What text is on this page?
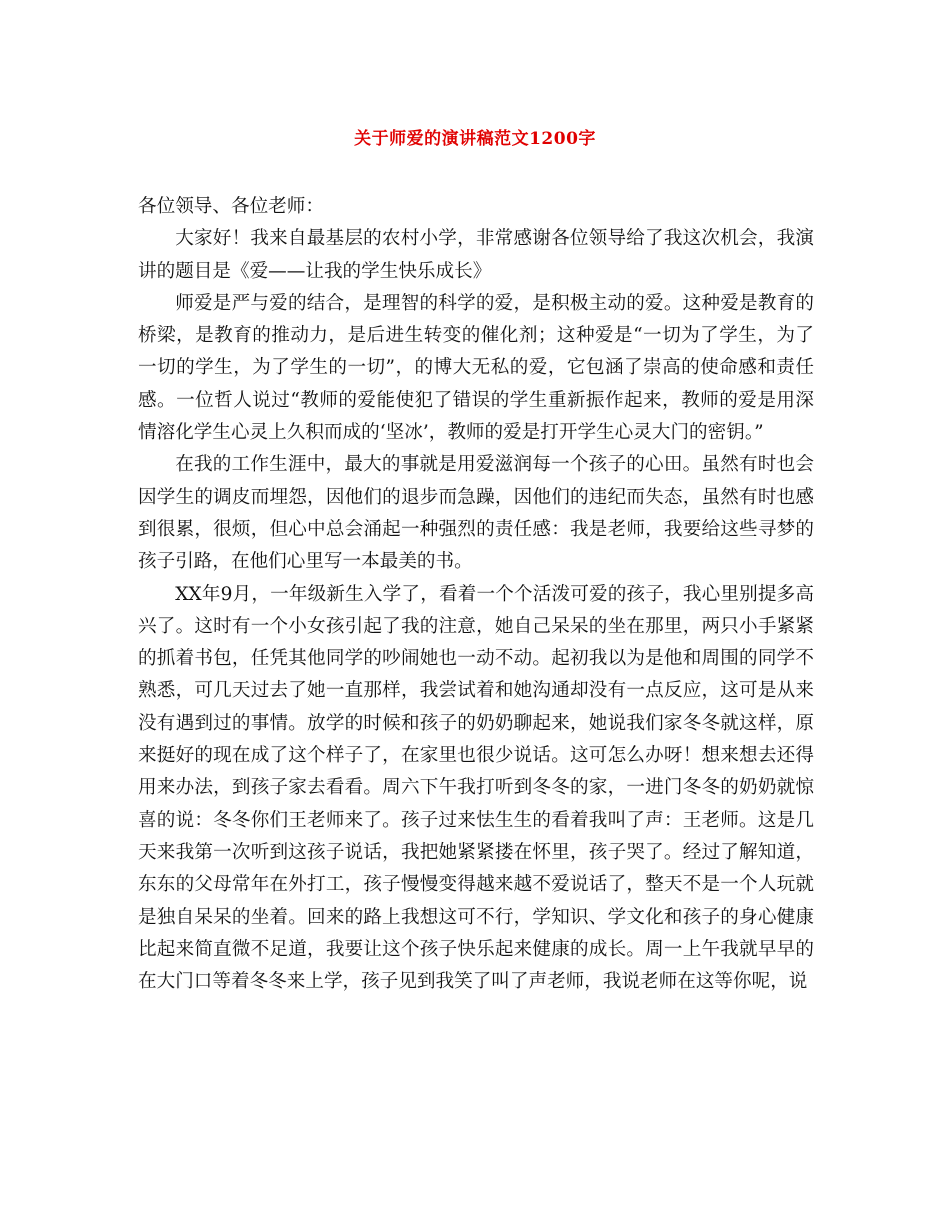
关于师爱的演讲稿范文1200字

各位领导、各位老师：

大家好！我来自最基层的农村小学，非常感谢各位领导给了我这次机会，我演讲的题目是《爱——让我的学生快乐成长》

师爱是严与爱的结合，是理智的科学的爱，是积极主动的爱。这种爱是教育的桥梁，是教育的推动力，是后进生转变的催化剂；这种爱是“一切为了学生，为了一切的学生，为了学生的一切”，的博大无私的爱，它包涵了崇高的使命感和责任感。一位哲人说过“教师的爱能使犯了错误的学生重新振作起来，教师的爱是用深情溶化学生心灵上久积而成的‘坚冰’，教师的爱是打开学生心灵大门的密钥。”

在我的工作生涯中，最大的事就是用爱滋润每一个孩子的心田。虽然有时也会因学生的调皮而埋怨，因他们的退步而急躁，因他们的违纪而失态，虽然有时也感到很累，很烦，但心中总会涌起一种强烈的责任感：我是老师，我要给这些寻梦的孩子引路，在他们心里写一本最美的书。

XX年9月，一年级新生入学了，看着一个个活泼可爱的孩子，我心里别提多高兴了。这时有一个小女孩引起了我的注意，她自己呆呆的坐在那里，两只小手紧紧的抓着书包，任凭其他同学的吵闹她也一动不动。起初我以为是他和周围的同学不熟悉，可几天过去了她一直那样，我尝试着和她沟通却没有一点反应，这可是从来没有遇到过的事情。放学的时候和孩子的奶奶聊起来，她说我们家冬冬就这样，原来挺好的现在成了这个样子了，在家里也很少说话。这可怎么办呀！想来想去还得用来办法，到孩子家去看看。周六下午我打听到冬冬的家，一进门冬冬的奶奶就惊喜的说：冬冬你们王老师来了。孩子过来怯生生的看着我叫了声：王老师。这是几天来我第一次听到这孩子说话，我把她紧紧搂在怀里，孩子哭了。经过了解知道，东东的父母常年在外打工，孩子慢慢变得越来越不爱说话了，整天不是一个人玩就是独自呆呆的坐着。回来的路上我想这可不行，学知识、学文化和孩子的身心健康比起来简直微不足道，我要让这个孩子快乐起来健康的成长。周一上午我就早早的在大门口等着冬冬来上学，孩子见到我笑了叫了声老师，我说老师在这等你呢，说
